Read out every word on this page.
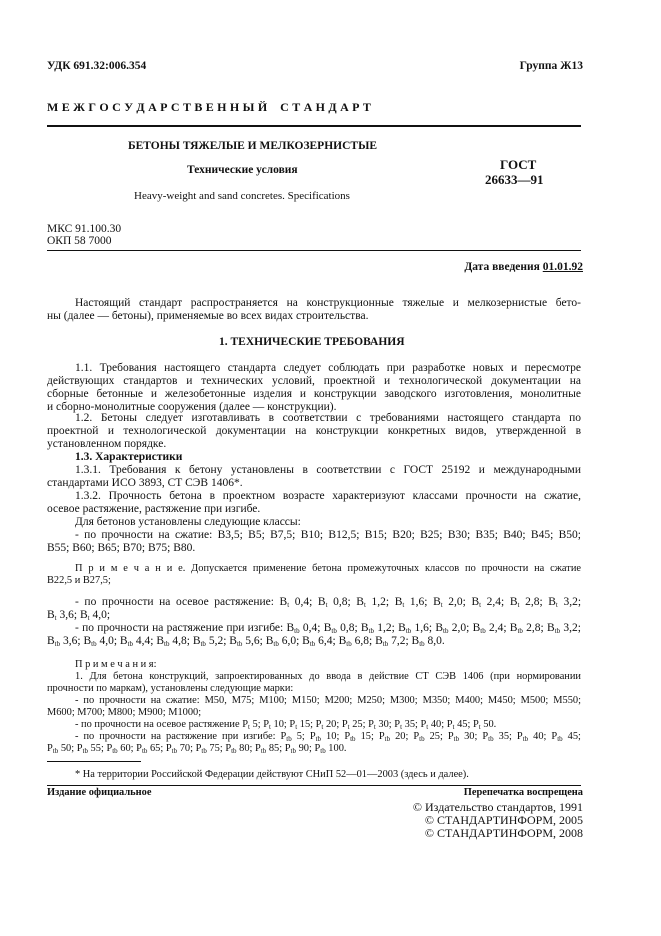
УДК 691.32:006.354	Группа Ж13
М Е Ж Г О С У Д А Р С Т В Е Н Н Ы Й    С Т А Н Д А Р Т
БЕТОНЫ ТЯЖЕЛЫЕ И МЕЛКОЗЕРНИСТЫЕ
Технические условия
Heavy-weight and sand concretes. Specifications
ГОСТ
26633—91
МКС 91.100.30
ОКП 58 7000
Дата введения 01.01.92
Настоящий стандарт распространяется на конструкционные тяжелые и мелкозернистые бето-
ны (далее — бетоны), применяемые во всех видах строительства.
1. ТЕХНИЧЕСКИЕ ТРЕБОВАНИЯ
1.1. Требования настоящего стандарта следует соблюдать при разработке новых и пересмотре
действующих стандартов и технических условий, проектной и технологической документации на
сборные бетонные и железобетонные изделия и конструкции заводского изготовления, монолитные
и сборно-монолитные сооружения (далее — конструкции).
1.2. Бетоны следует изготавливать в соответствии с требованиями настоящего стандарта по
проектной и технологической документации на конструкции конкретных видов, утвержденной в
установленном порядке.
1.3. Характеристики
1.3.1. Требования к бетону установлены в соответствии с ГОСТ 25192 и международными
стандартами ИСО 3893, СТ СЭВ 1406*.
1.3.2. Прочность бетона в проектном возрасте характеризуют классами прочности на сжатие,
осевое растяжение, растяжение при изгибе.
Для бетонов установлены следующие классы:
- по прочности на сжатие: В3,5; В5; В7,5; В10; В12,5; В15; В20; В25; В30; В35; В40; В45; В50;
В55; В60; В65; В70; В75; В80.
П р и м е ч а н и е. Допускается применение бетона промежуточных классов по прочности на сжатие
В22,5 и В27,5;
- по прочности на осевое растяжение: $B_t$ 0,4; $B_t$ 0,8; $B_t$ 1,2; $B_t$ 1,6; $B_t$ 2,0; $B_t$ 2,4; $B_t$ 2,8; $B_t$ 3,2;
$B_t$ 3,6; $B_t$ 4,0;
- по прочности на растяжение при изгибе: $B_{tb}$ 0,4; $B_{tb}$ 0,8; $B_{tb}$ 1,2; $B_{tb}$ 1,6; $B_{tb}$ 2,0; $B_{tb}$ 2,4; $B_{tb}$ 2,8; $B_{tb}$ 3,2;
$B_{tb}$ 3,6; $B_{tb}$ 4,0; $B_{tb}$ 4,4; $B_{tb}$ 4,8; $B_{tb}$ 5,2; $B_{tb}$ 5,6; $B_{tb}$ 6,0; $B_{tb}$ 6,4; $B_{tb}$ 6,8; $B_{tb}$ 7,2; $B_{tb}$ 8,0.
П р и м е ч а н и я:
1. Для бетона конструкций, запроектированных до ввода в действие СТ СЭВ 1406 (при нормировании
прочности по маркам), установлены следующие марки:
- по прочности на сжатие: М50, М75; М100; М150; М200; М250; М300; М350; М400; М450; М500; М550;
М600; М700; М800; М900; М1000;
- по прочности на осевое растяжение $P_t$ 5; $P_t$ 10; $P_t$ 15; $P_t$ 20; $P_t$ 25; $P_t$ 30; $P_t$ 35; $P_t$ 40; $P_t$ 45; $P_t$ 50.
- по прочности на растяжение при изгибе: $P_{tb}$ 5; $P_{tb}$ 10; $P_{tb}$ 15; $P_{tb}$ 20; $P_{tb}$ 25; $P_{tb}$ 30; $P_{tb}$ 35; $P_{tb}$ 40; $P_{tb}$ 45;
$P_{tb}$ 50; $P_{tb}$ 55; $P_{tb}$ 60; $P_{tb}$ 65; $P_{tb}$ 70; $P_{tb}$ 75; $P_{tb}$ 80; $P_{tb}$ 85; $P_{tb}$ 90; $P_{tb}$ 100.
* На территории Российской Федерации действуют СНиП 52—01—2003 (здесь и далее).
Издание официальное	Перепечатка воспрещена
© Издательство стандартов, 1991
© СТАНДАРТИНФОРМ, 2005
© СТАНДАРТИНФОРМ, 2008
